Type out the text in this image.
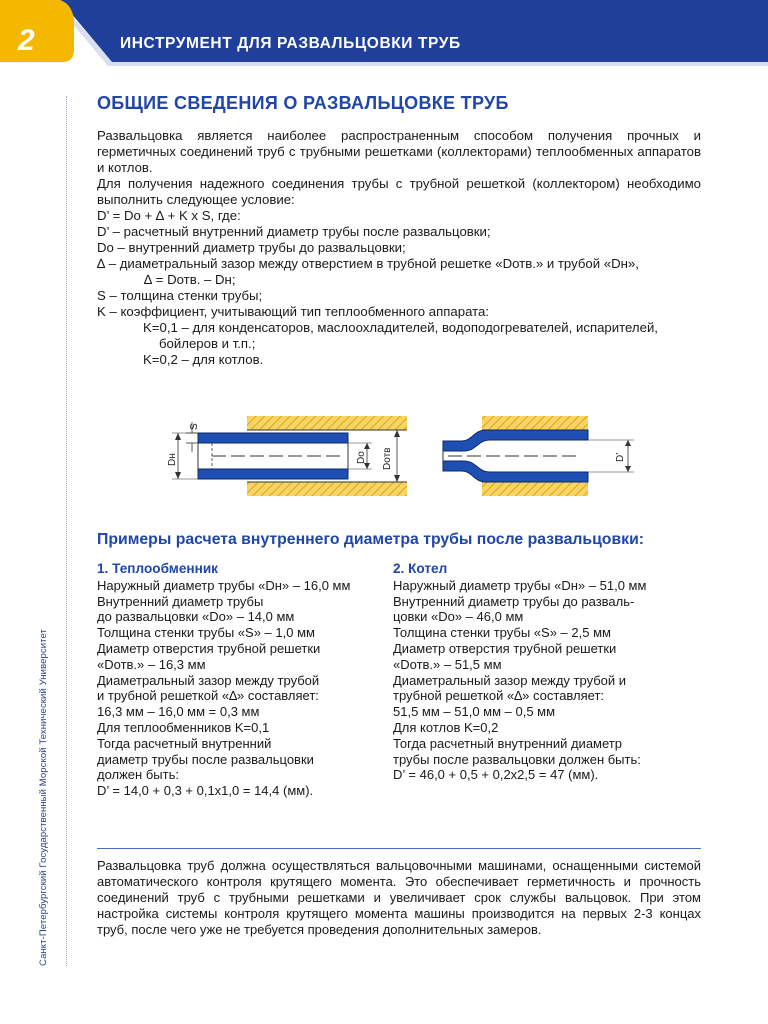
2	ИНСТРУМЕНТ ДЛЯ РАЗВАЛЬЦОВКИ ТРУБ
Санкт-Петербургский Государственный Морской Технический Университет
ОБЩИЕ СВЕДЕНИЯ О РАЗВАЛЬЦОВКЕ ТРУБ

Развальцовка является наиболее распространенным способом получения прочных и герметичных соединений труб с трубными решетками (коллекторами) теплообменных аппаратов и котлов.

Для получения надежного соединения трубы с трубной решеткой (коллектором) необходимо выполнить следующее условие:

D’ = Do + ∆ + K x S, где:

D’ – расчетный внутренний диаметр трубы после развальцовки;

Do – внутренний диаметр трубы до развальцовки;

∆ – диаметральный зазор между отверстием в трубной решетке «Dотв.» и трубой «Dн»,

∆ = Dотв. – Dн;

S – толщина стенки трубы;

K – коэффициент, учитывающий тип теплообменного аппарата:

K=0,1 – для конденсаторов, маслоохладителей, водоподогревателей, испарителей,

бойлеров и т.п.;

K=0,2 – для котлов.

S
Dн	Do Dотв	D’
Примеры расчета внутреннего диаметра трубы после развальцовки:
1. Теплообменник

Наружный диаметр трубы «Dн» – 16,0 мм

Внутренний диаметр трубы

до развальцовки «Do» – 14,0 мм

Толщина стенки трубы «S» – 1,0 мм

Диаметр отверстия трубной решетки

«Dотв.» – 16,3 мм

Диаметральный зазор между трубой

и трубной решеткой «∆» составляет:

16,3 мм – 16,0 мм = 0,3 мм

Для теплообменников K=0,1

Тогда расчетный внутренний

диаметр трубы после развальцовки

должен быть:

D’ = 14,0 + 0,3 + 0,1x1,0 = 14,4 (мм).

2. Котел

Наружный диаметр трубы «Dн» – 51,0 мм

Внутренний диаметр трубы до разваль-

цовки «Do» – 46,0 мм

Толщина стенки трубы «S» – 2,5 мм

Диаметр отверстия трубной решетки

«Dотв.» – 51,5 мм

Диаметральный зазор между трубой и

трубной решеткой «∆» составляет:

51,5 мм – 51,0 мм – 0,5 мм

Для котлов K=0,2

Тогда расчетный внутренний диаметр

трубы после развальцовки должен быть:

D’ = 46,0 + 0,5 + 0,2x2,5 = 47 (мм).

Развальцовка труб должна осуществляться вальцовочными машинами, оснащенными системой автоматического контроля крутящего момента. Это обеспечивает герметичность и прочность соединений труб с трубными решетками и увеличивает срок службы вальцовок. При этом настройка системы контроля крутящего момента машины производится на первых 2-3 концах труб, после чего уже не требуется проведения дополнительных замеров.
